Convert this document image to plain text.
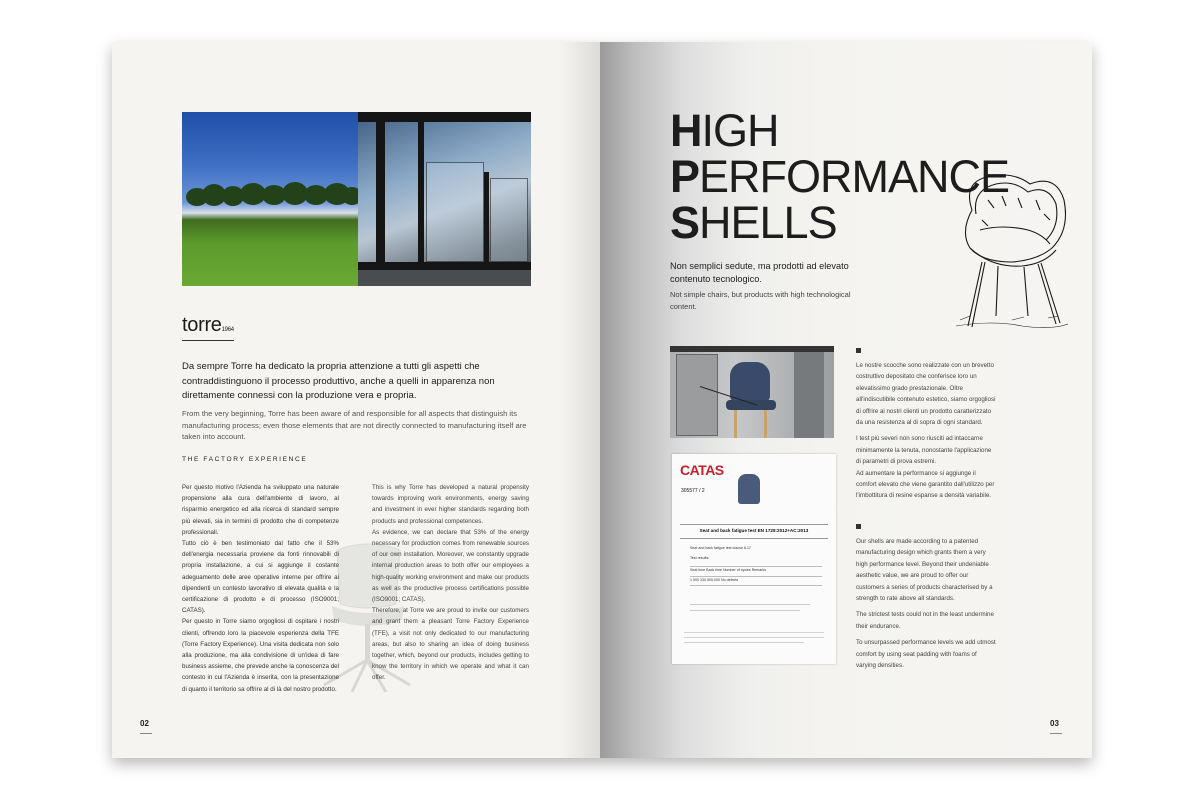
torre1964

Da sempre Torre ha dedicato la propria attenzione a tutti gli aspetti che contraddistinguono il processo produttivo, anche a quelli in apparenza non direttamente connessi con la produzione vera e propria.

From the very beginning, Torre has been aware of and responsible for all aspects that distinguish its manufacturing process; even those elements that are not directly connected to manufacturing itself are taken into account.

THE FACTORY EXPERIENCE
Per questo motivo l'Azienda ha sviluppato una naturale propensione alla cura dell'ambiente di lavoro, al risparmio energetico ed alla ricerca di standard sempre più elevati, sia in termini di prodotto che di competenze professionali.
Tutto ciò è ben testimoniato dal fatto che il 53% dell'energia necessaria proviene da fonti rinnovabili di propria installazione, a cui si aggiunge il costante adeguamento delle aree operative interne per offrire ai dipendenti un contesto lavorativo di elevata qualità e la certificazione di prodotto e di processo (ISO9001; CATAS).
Per questo in Torre siamo orgogliosi di ospitare i nostri clienti, offrendo loro la piacevole esperienza della TFE (Torre Factory Experience). Una visita dedicata non solo alla produzione, ma alla condivisione di un'idea di fare business assieme, che prevede anche la conoscenza del contesto in cui l'Azienda è inserita, con la presentazione di quanto il territorio sa offrire al di là del nostro prodotto.
This is why Torre has developed a natural propensity towards improving work environments, energy saving and investment in ever higher standards regarding both products and professional competences.
As evidence, we can declare that 53% of the energy necessary for production comes from renewable sources of our own installation. Moreover, we constantly upgrade internal production areas to both offer our employees a high-quality working environment and make our products as well as the productive process certifications possible (ISO9001; CATAS).
Therefore, at Torre we are proud to invite our customers and grant them a pleasant Torre Factory Experience (TFE), a visit not only dedicated to our manufacturing areas, but also to sharing an idea of doing business together, which, beyond our products, includes getting to know the territory in which we operate and what it can offer.
02
HIGH
PERFORMANCE
SHELLS

Non semplici sedute, ma prodotti ad elevato contenuto tecnologico.

Not simple chairs, but products with high technological content.

CATAS
305577 / 2
Seat and back fatigue test EN 1728:2012+AC:2013
Seat and back fatigue test clause 6.17
Test results:
Seat time Back time Number of cycles Remarks
1 000 330 500.000 No defects
Le nostre scocche sono realizzate con un brevetto costruttivo depositato che conferisce loro un elevatissimo grado prestazionale. Oltre all'indiscutibile contenuto estetico, siamo orgogliosi di offrire ai nostri clienti un prodotto caratterizzato da una resistenza al di sopra di ogni standard.
I test più severi non sono riusciti ad intaccarne minimamente la tenuta, nonostante l'applicazione di parametri di prova estremi.
Ad aumentare la performance si aggiunge il comfort elevato che viene garantito dall'utilizzo per l'imbottitura di resine espanse a densità variabile.
Our shells are made according to a patented manufacturing design which grants them a very high performance level. Beyond their undeniable aesthetic value, we are proud to offer our customers a series of products characterised by a strength to rate above all standards.
The strictest tests could not in the least undermine their endurance.
To unsurpassed performance levels we add utmost comfort by using seat padding with foams of varying densities.
03
